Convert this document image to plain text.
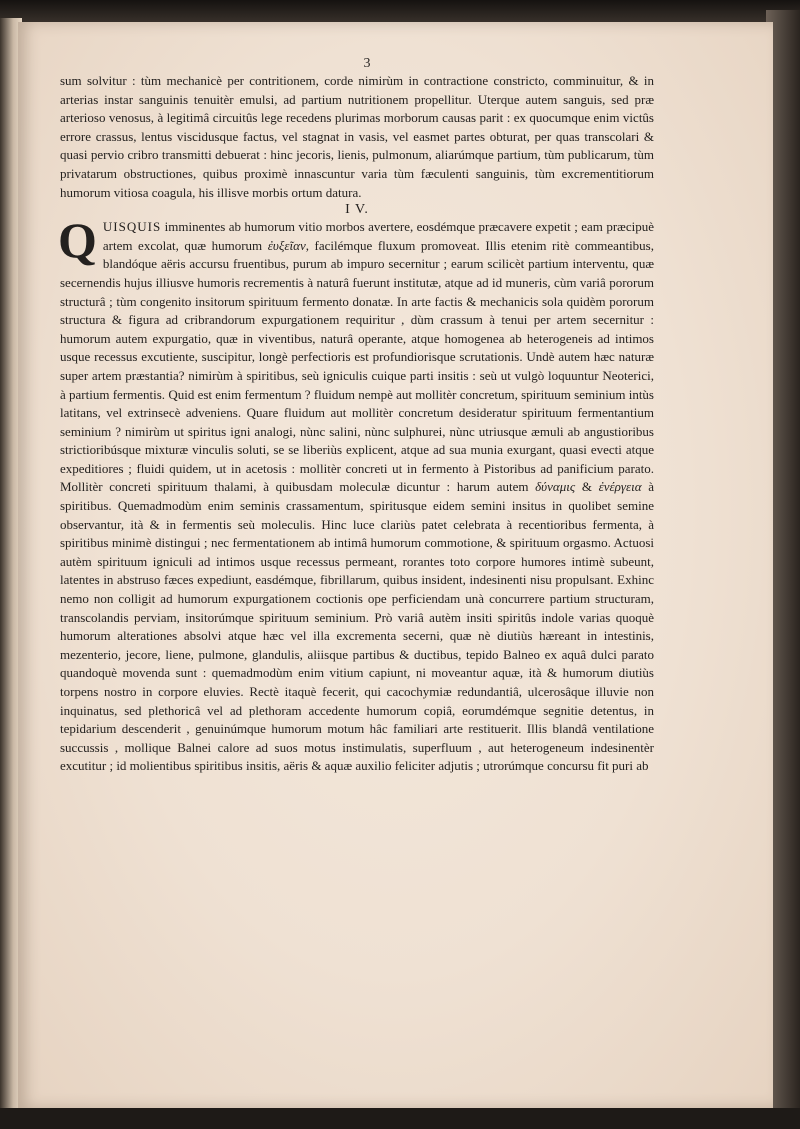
3

sum solvitur : tùm mechanicè per contritionem, corde nimirùm in contractione constricto, comminuitur, & in arterias instar sanguinis tenuitèr emulsi, ad partium nutritionem propellitur. Uterque autem sanguis, sed præ arterioso venosus, à legitimâ circuitûs lege recedens plurimas morborum causas parit : ex quocumque enim victûs errore crassus, lentus viscidusque factus, vel stagnat in vasis, vel easmet partes obturat, per quas transcolari & quasi pervio cribro transmitti debuerat : hinc jecoris, lienis, pulmonum, aliarúmque partium, tùm publicarum, tùm privatarum obstructiones, quibus proximè innascuntur varia tùm fæculenti sanguinis, tùm excrementitiorum humorum vitiosa coagula, his illisve morbis ortum datura.

I V.

QUISQUIS imminentes ab humorum vitio morbos avertere, eosdémque præcavere expetit ; eam præcipuè artem excolat, quæ humorum ἐυξεῖαν, facilémque fluxum promoveat. Illis etenim ritè commeantibus, blandóque aëris accursu fruentibus, purum ab impuro secernitur ; earum scilicèt partium interventu, quæ secernendis hujus illiusve humoris recrementis à naturâ fuerunt institutæ, atque ad id muneris, cùm variâ pororum structurâ ; tùm congenito insitorum spirituum fermento donatæ. In arte factis & mechanicis sola quidèm pororum structura & figura ad cribrandorum expurgationem requiritur , dùm crassum à tenui per artem secernitur : humorum autem expurgatio, quæ in viventibus, naturâ operante, atque homogenea ab heterogeneis ad intimos usque recessus excutiente, suscipitur, longè perfectioris est profundiorisque scrutationis. Undè autem hæc naturæ super artem præstantia? nimirùm à spiritibus, seù igniculis cuique parti insitis : seù ut vulgò loquuntur Neoterici, à partium fermentis. Quid est enim fermentum ? fluidum nempè aut mollitèr concretum, spirituum seminium intùs latitans, vel extrinsecè adveniens. Quare fluidum aut mollitèr concretum desideratur spirituum fermentantium seminium ? nimirùm ut spiritus igni analogi, nùnc salini, nùnc sulphurei, nùnc utriusque æmuli ab angustioribus strictioribúsque mixturæ vinculis soluti, se se liberiùs explicent, atque ad sua munia exurgant, quasi evecti atque expeditiores ; fluidi quidem, ut in acetosis : mollitèr concreti ut in fermento à Pistoribus ad panificium parato. Mollitèr concreti spirituum thalami, à quibusdam moleculæ dicuntur : harum autem δύναμις & ἐνέργεια à spiritibus. Quemadmodùm enim seminis crassamentum, spiritusque eidem semini insitus in quolibet semine observantur, ità & in fermentis seù moleculis. Hinc luce clariùs patet celebrata à recentioribus fermenta, à spiritibus minimè distingui ; nec fermentationem ab intimâ humorum commotione, & spirituum orgasmo. Actuosi autèm spirituum igniculi ad intimos usque recessus permeant, rorantes toto corpore humores intimè subeunt, latentes in abstruso fæces expediunt, easdémque, fibrillarum, quibus insident, indesinenti nisu propulsant. Exhinc nemo non colligit ad humorum expurgationem coctionis ope perficiendam unà concurrere partium structuram, transcolandis perviam, insitorúmque spirituum seminium. Prò variâ autèm insiti spiritûs indole varias quoquè humorum alterationes absolvi atque hæc vel illa excrementa secerni, quæ nè diutiùs hæreant in intestinis, mezenterio, jecore, liene, pulmone, glandulis, aliisque partibus & ductibus, tepido Balneo ex aquâ dulci parato quandoquè movenda sunt : quemadmodùm enim vitium capiunt, ni moveantur aquæ, ità & humorum diutiùs torpens nostro in corpore eluvies. Rectè itaquè fecerit, qui cacochymiæ redundantiâ, ulcerosâque illuvie non inquinatus, sed plethoricâ vel ad plethoram accedente humorum copiâ, eorumdémque segnitie detentus, in tepidarium descenderit , genuinúmque humorum motum hâc familiari arte restituerit. Illis blandâ ventilatione succussis , mollique Balnei calore ad suos motus instimulatis, superfluum , aut heterogeneum indesinentèr excutitur ; id molientibus spiritibus insitis, aëris & aquæ auxilio feliciter adjutis ; utrorúmque concursu fit puri ab
